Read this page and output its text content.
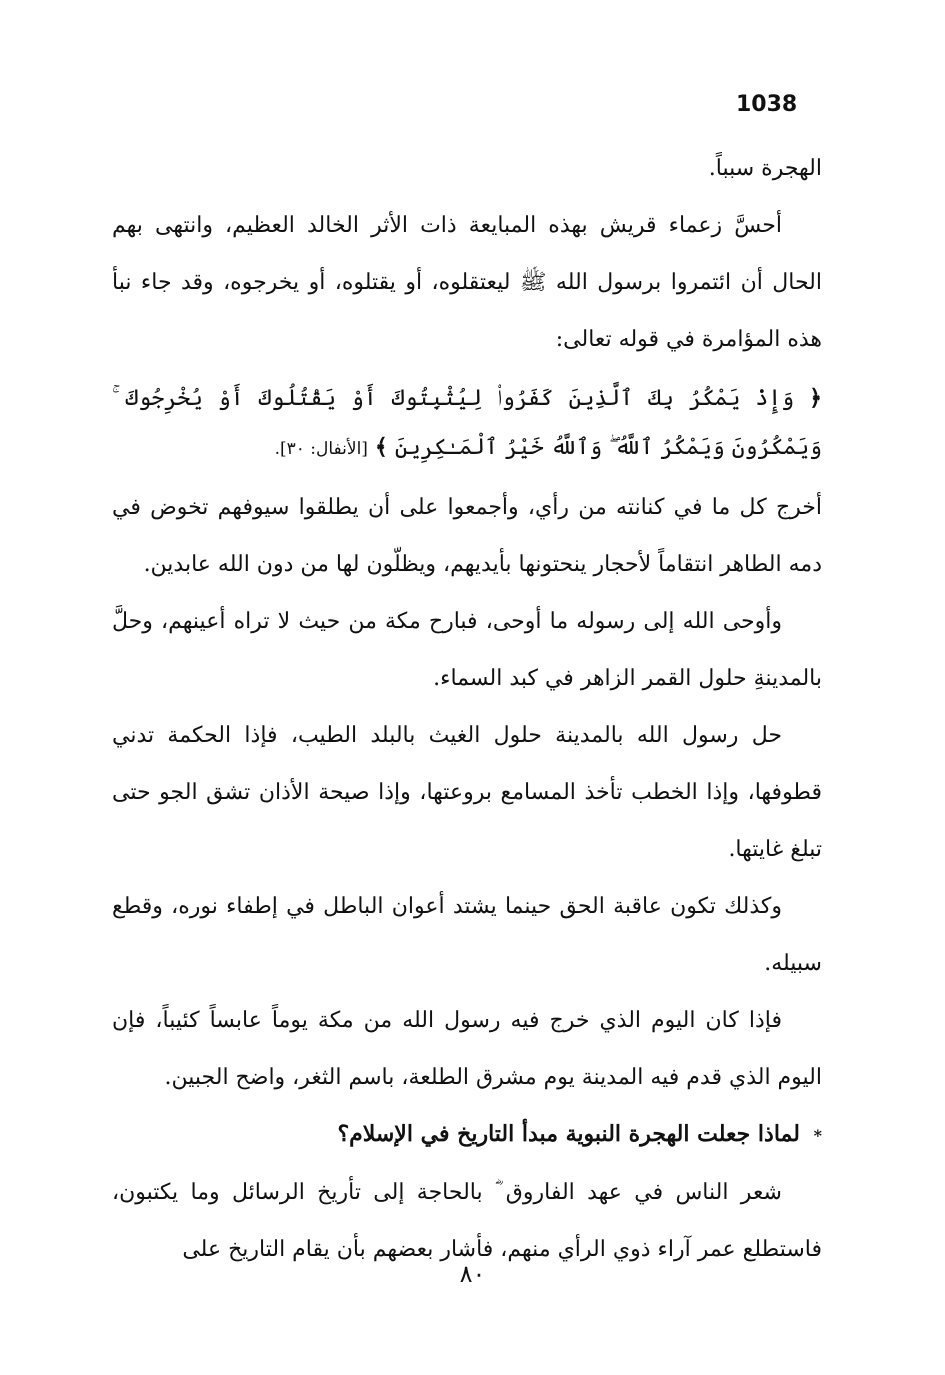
1038

الهجرة سبباً.

أحسَّ زعماء قريش بهذه المبايعة ذات الأثر الخالد العظيم، وانتهى بهم الحال أن ائتمروا برسول الله ﷺ ليعتقلوه، أو يقتلوه، أو يخرجوه، وقد جاء نبأ هذه المؤامرة في قوله تعالى:

﴿ وَإِذْ يَمْكُرُ بِكَ ٱلَّذِينَ كَفَرُوا۟ لِيُثْبِتُوكَ أَوْ يَقْتُلُوكَ أَوْ يُخْرِجُوكَ ۚ وَيَمْكُرُونَ وَيَمْكُرُ ٱللَّهُ ۖ وَٱللَّهُ خَيْرُ ٱلْمَـٰكِرِينَ ﴾ [الأنفال: ٣٠].

أخرج كل ما في كنانته من رأي، وأجمعوا على أن يطلقوا سيوفهم تخوض في دمه الطاهر انتقاماً لأحجار ينحتونها بأيديهم، ويظلّون لها من دون الله عابدين.

وأوحى الله إلى رسوله ما أوحى، فبارح مكة من حيث لا تراه أعينهم، وحلَّ بالمدينةِ حلول القمر الزاهر في كبد السماء.

حل رسول الله بالمدينة حلول الغيث بالبلد الطيب، فإذا الحكمة تدني قطوفها، وإذا الخطب تأخذ المسامع بروعتها، وإذا صيحة الأذان تشق الجو حتى تبلغ غايتها.

وكذلك تكون عاقبة الحق حينما يشتد أعوان الباطل في إطفاء نوره، وقطع سبيله.

فإذا كان اليوم الذي خرج فيه رسول الله من مكة يوماً عابساً كئيباً، فإن اليوم الذي قدم فيه المدينة يوم مشرق الطلعة، باسم الثغر، واضح الجبين.

* لماذا جعلت الهجرة النبوية مبدأ التاريخ في الإسلام؟

شعر الناس في عهد الفاروق ؓ بالحاجة إلى تأريخ الرسائل وما يكتبون، فاستطلع عمر آراء ذوي الرأي منهم، فأشار بعضهم بأن يقام التاريخ على

٨٠
